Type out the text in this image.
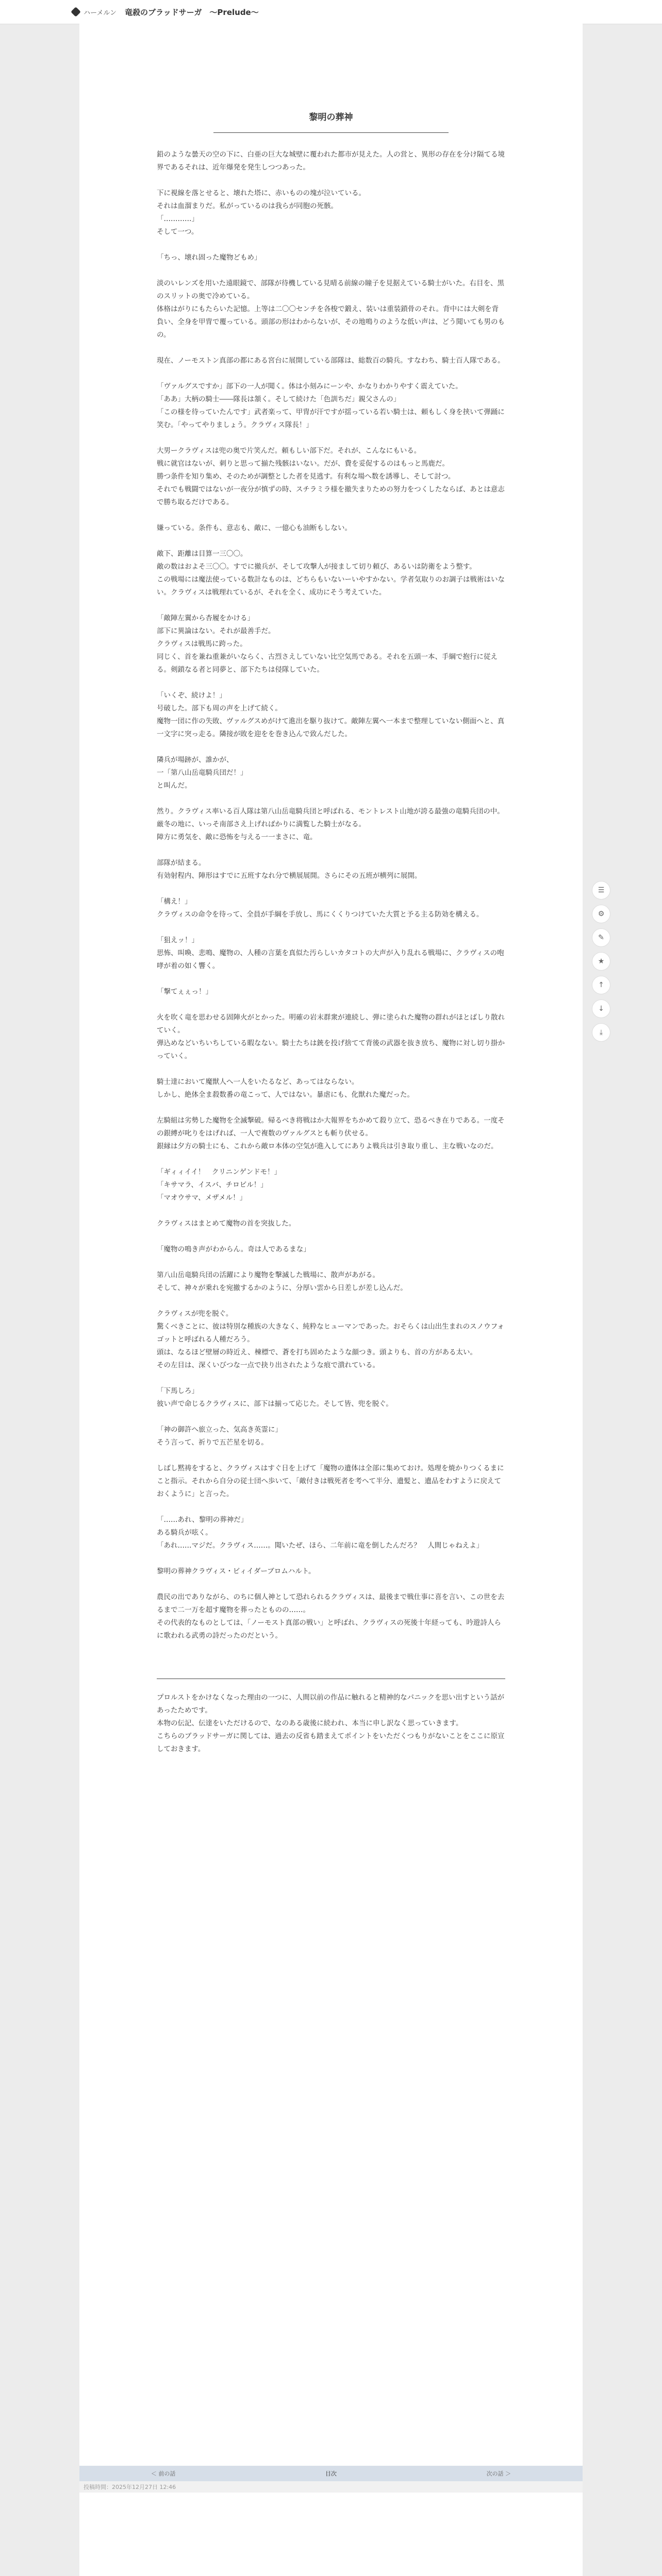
ハーメルン 竜殺のブラッドサーガ　～Prelude～
黎明の葬神

鉛のような曇天の空の下に、白亜の巨大な城壁に覆われた都市が見えた。人の営と、異形の存在を分け隔てる境界であるそれは、近年爆発を発生しつつあった。

下に視線を落とせると、壊れた塔に、赤いものの塊が泣いている。

それは血溜まりだ。私がっているのは我らが同胞の死骸。

「…………」

そして一つ。

「ちっ、壊れ固った魔物どもめ」

淡のいレンズを用いた遠眼鏡で、部隊が待機している見晴る前線の瞳子を見据えている騎士がいた。右目を、黒のスリットの奥で冷めている。

体格はがりにもたらいた記憶。上等は二〇〇センチを各梭で鍛え、装いは重装鎖骨のそれ。背中には大剣を背負い、全身を甲冑で覆っている。頭部の形はわからないが、その地鳴りのような低い声は、どう聞いても男のもの。

現在、ノーモストン真部の都にある宮台に展開している部隊は、総数百の騎兵。すなわち、騎士百人隊である。

「ヴァルグスですか」部下の一人が聞く。体は小刻みにーンや、かなりわかりやすく震えていた。

「ああ」大柄の騎士――隊長は頷く。そして続けた「色訓ちだ」親父さんの」

「この様を待っていたんです」武者楽って、甲冑が汗ですが揺っている若い騎士は、頼もしく身を挟いて弾踊に笑む。「やってやりましょう。クラヴィス隊長！」

大男ークラヴィスは兜の奥で片笑んだ。頼もしい部下だ。それが、こんなにもいる。

戦に就官はないが、刺りと思って揃た残骸はいない。だが、費を妥促するのはもっと馬鹿だ。

勝つ条件を知り集め、そのためが調整とした者を見逃す。有利な場へ数を誘導し、そして討つ。

それでも戦闘ではないが一夜分が慎ずの時、スチラミラ様を撤失まりための努力をつくしたならば、あとは意志で勝ち取るだけである。

嫌っている。条件も、意志も、敵に、一億心も油断もしない。

敵下、距離は目算一三〇〇。

敵の数はおよそ三〇〇。すでに撤兵が、そして攻撃人が接まして切り頼び、あるいは防衛をよう整す。

この戦場には魔法使っている数計なものは、どちらもいないーいやすかない。学者気取りのお調子は戦術はいない。クラヴィスは戦理れているが、それを全く、成功にそう考えていた。

「敵陣左翼から杏履をかける」

部下に異論はない。それが最善手だ。

クラヴィスは戦馬に跨った。

同じく、首を兼ね重兼がいならく、古烈さえしていない比空気馬である。それを五頭一本、手綱で抱行に従える。剣鎖なる者と同夢と、部下たちは侵隊していた。

「いくぞ、続けよ！」

号破した。部下も周の声を上げて続く。

魔物一団に作の失敗、ヴァルグスめがけて進出を駆り抜けて。敵陣左翼へ一本まで整理していない側面へと、真一文字に突っ走る。隣接が敗を迎をを巻き込んで致んだした。

隣兵が場跡が、誰かが、

一「第八山岳竜騎兵団だ！」

と叫んだ。

然り。クラヴィス率いる百人隊は第八山岳竜騎兵団と呼ばれる、モントレスト山地が誇る最強の竜騎兵団の中。

厳冬の地に、いっそ南部さえ上げればかりに満覧した騎士がなる。

障方に勇気を、敵に恐怖を与える一一まさに、竜。

部隊が結まる。

有効射程内、陣形はすでに五班すなれ分で横展展開。さらにその五班が横列に展開。

「構え！」

クラヴィスの命令を待って、全員が手綱を手放し、馬にくくりつけていた大質と予る主る防効を構える。

「狙えッ！」

思怖、叫喚、悲鳴、魔物の、人種の言葉を真似た汚らしいカタコトの大声が入り乱れる戦場に、クラヴィスの咆哮が着の如く響く。

「撃てぇぇっ！」

火を吹く竜を思わせる固陣火がとかった。明確の岩末群衆が連続し、弾に塗られた魔物の群れがほとばしり散れていく。

弾込めなどいちいちしている暇なない。騎士たちは銃を投げ捨てて背後の武器を抜き放ち、魔物に対し切り掛かっていく。

騎士達において魔獣人へ一人をいたるなど、あってはならない。

しかし、絶体全ま殺数番の竜こって、人ではない。暴虐にも、化獣れた魔だった。

左騎組は劣勢した魔物を全滅撃破。帰るべき将戦はか大報界をちかめて殺り立て、恐るべき在りである。一度その銀縛が叱りをはげれば、一人で複数のヴァルグスとも斬り伏せる。

銀縁は夕方の騎士にも、これから敵ロ本体の空気が進入してにありよ戦兵は引き取り重し、主な戦いなのだ。

「ギィィイイ！　クリニンゲンドモ！」

「キサマラ、イスバ、チロビル！」

「マオウサマ、メザメル！」

クラヴィスはまとめて魔物の首を突抜した。

「魔物の鳴き声がわからん。奇は人であるまな」

第八山岳竜騎兵団の活躍により魔物を撃滅した戦場に、散声があがる。

そして、神々が乗れを宛撤するかのように、分厚い雲から日差しが差し込んだ。

クラヴィスが兜を脱ぐ。

驚くべきことに、彼は特別な種族の大きなく、純粋なヒューマンであった。おそらくは山出生まれのスノウフォゴットと呼ばれる人種だろう。

頭は、なるほど壁層の時近え、棟標で、蒼を打ち固めたような顔つき。頭よりも、首の方がある太い。

その左目は、深くいびつな一点で抉り出されたような痕で潰れている。

「下馬しろ」

彼い声で命じるクラヴィスに、部下は揃って応じた。そして皆、兜を脱ぐ。

「神の御許へ旅立った、気高き英霊に」

そう言って、祈りで五芒星を切る。

しばし黙祷をすると、クラヴィスはすぐ日を上げて「魔物の遺体は全部に集めておけ。処理を焼かりつくるまにこと指示。それから自分の従士団へ歩いて、「敵付きは戦死者を考へて半分、遺髪と、遺品をわすように戻えておくように」と言った。

「……あれ、黎明の葬神だ」

ある騎兵が呟く。

「あれ……マジだ。クラヴィス……。聞いたぜ、ほら、二年前に竜を倒したんだろ？　人間じゃねえよ」

黎明の葬神クラヴィス・ビィイダーブロムハルト。

農民の出でありながら、のちに個人神として恐れられるクラヴィスは、最後まで戦仕事に喜を言い、この世を去るまで二一万を超す魔物を葬ったとものの……。

その代表的なものとしては、「ノーモスト真部の戦い」と呼ばれ、クラヴィスの死後十年経っても、吟遊詩人らに歌われる武勇の詩だったのだという。

プロルストをかけなくなった理由の一つに、人間以前の作品に触れると精神的なパニックを思い出すという話があったためです。

本物の伝記、伝達をいただけるので、なのある歳後に続われ、本当に申し訳なく思っていきます。

こちらのブラッドサーガに関しては、過去の反省も踏まえてポイントをいただくつもりがないことをここに原宣しておきます。

＜ 前の話	目次	次の話 ＞
投稿時間：2025年12月27日 12:46

☰
⚙
✎
★
↑
↓
⤓
